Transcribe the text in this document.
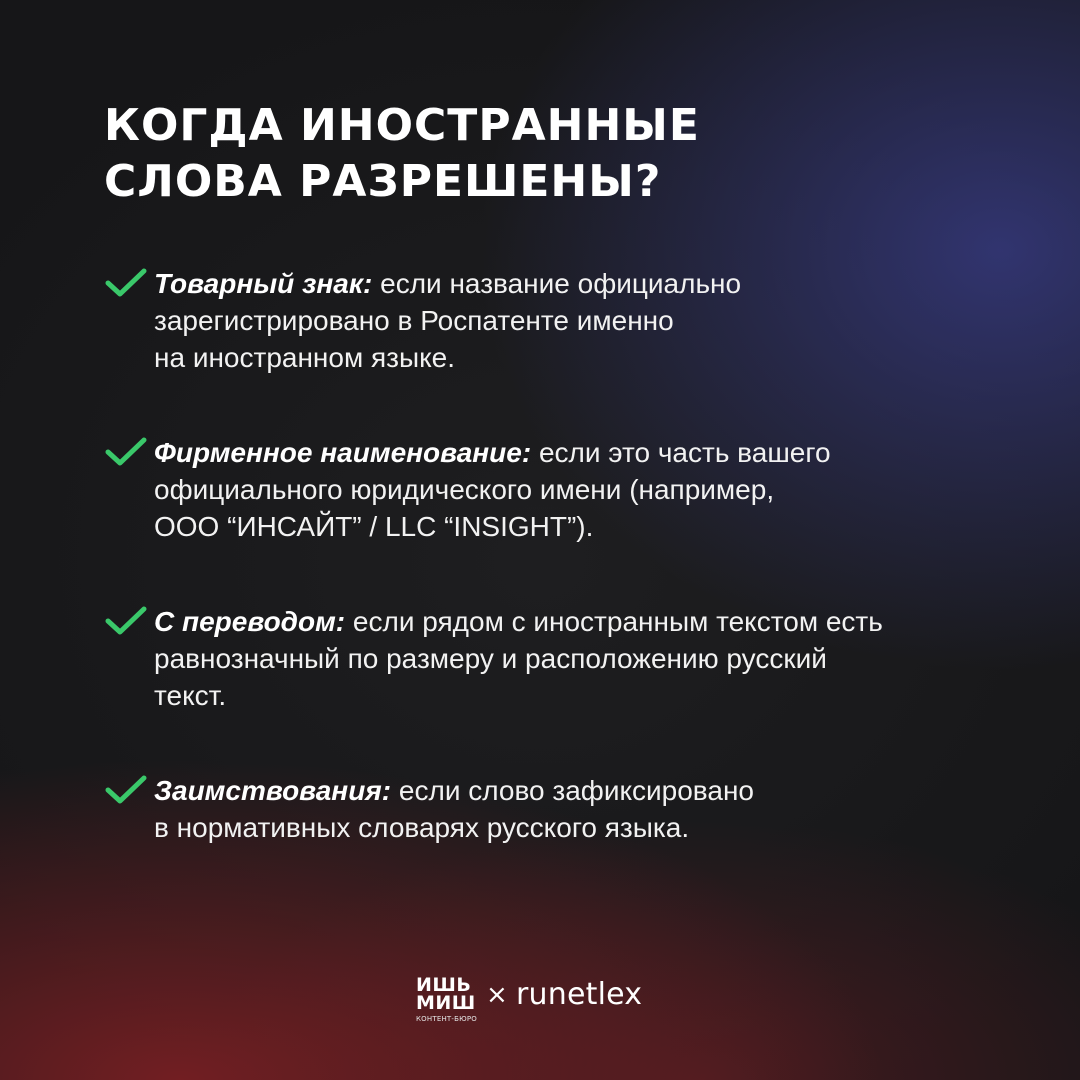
КОГДА ИНОСТРАННЫЕ
СЛОВА РАЗРЕШЕНЫ?
Товарный знак: если название официально
зарегистрировано в Роспатенте именно
на иностранном языке.
Фирменное наименование: если это часть вашего
официального юридического имени (например,
ООО “ИНСАЙТ” / LLC “INSIGHT”).
С переводом: если рядом с иностранным текстом есть
равнозначный по размеру и расположению русский
текст.
Заимствования: если слово зафиксировано
в нормативных словарях русского языка.
ИШЬ
МИШ
КОНТЕНТ-БЮРО
× runetlex
